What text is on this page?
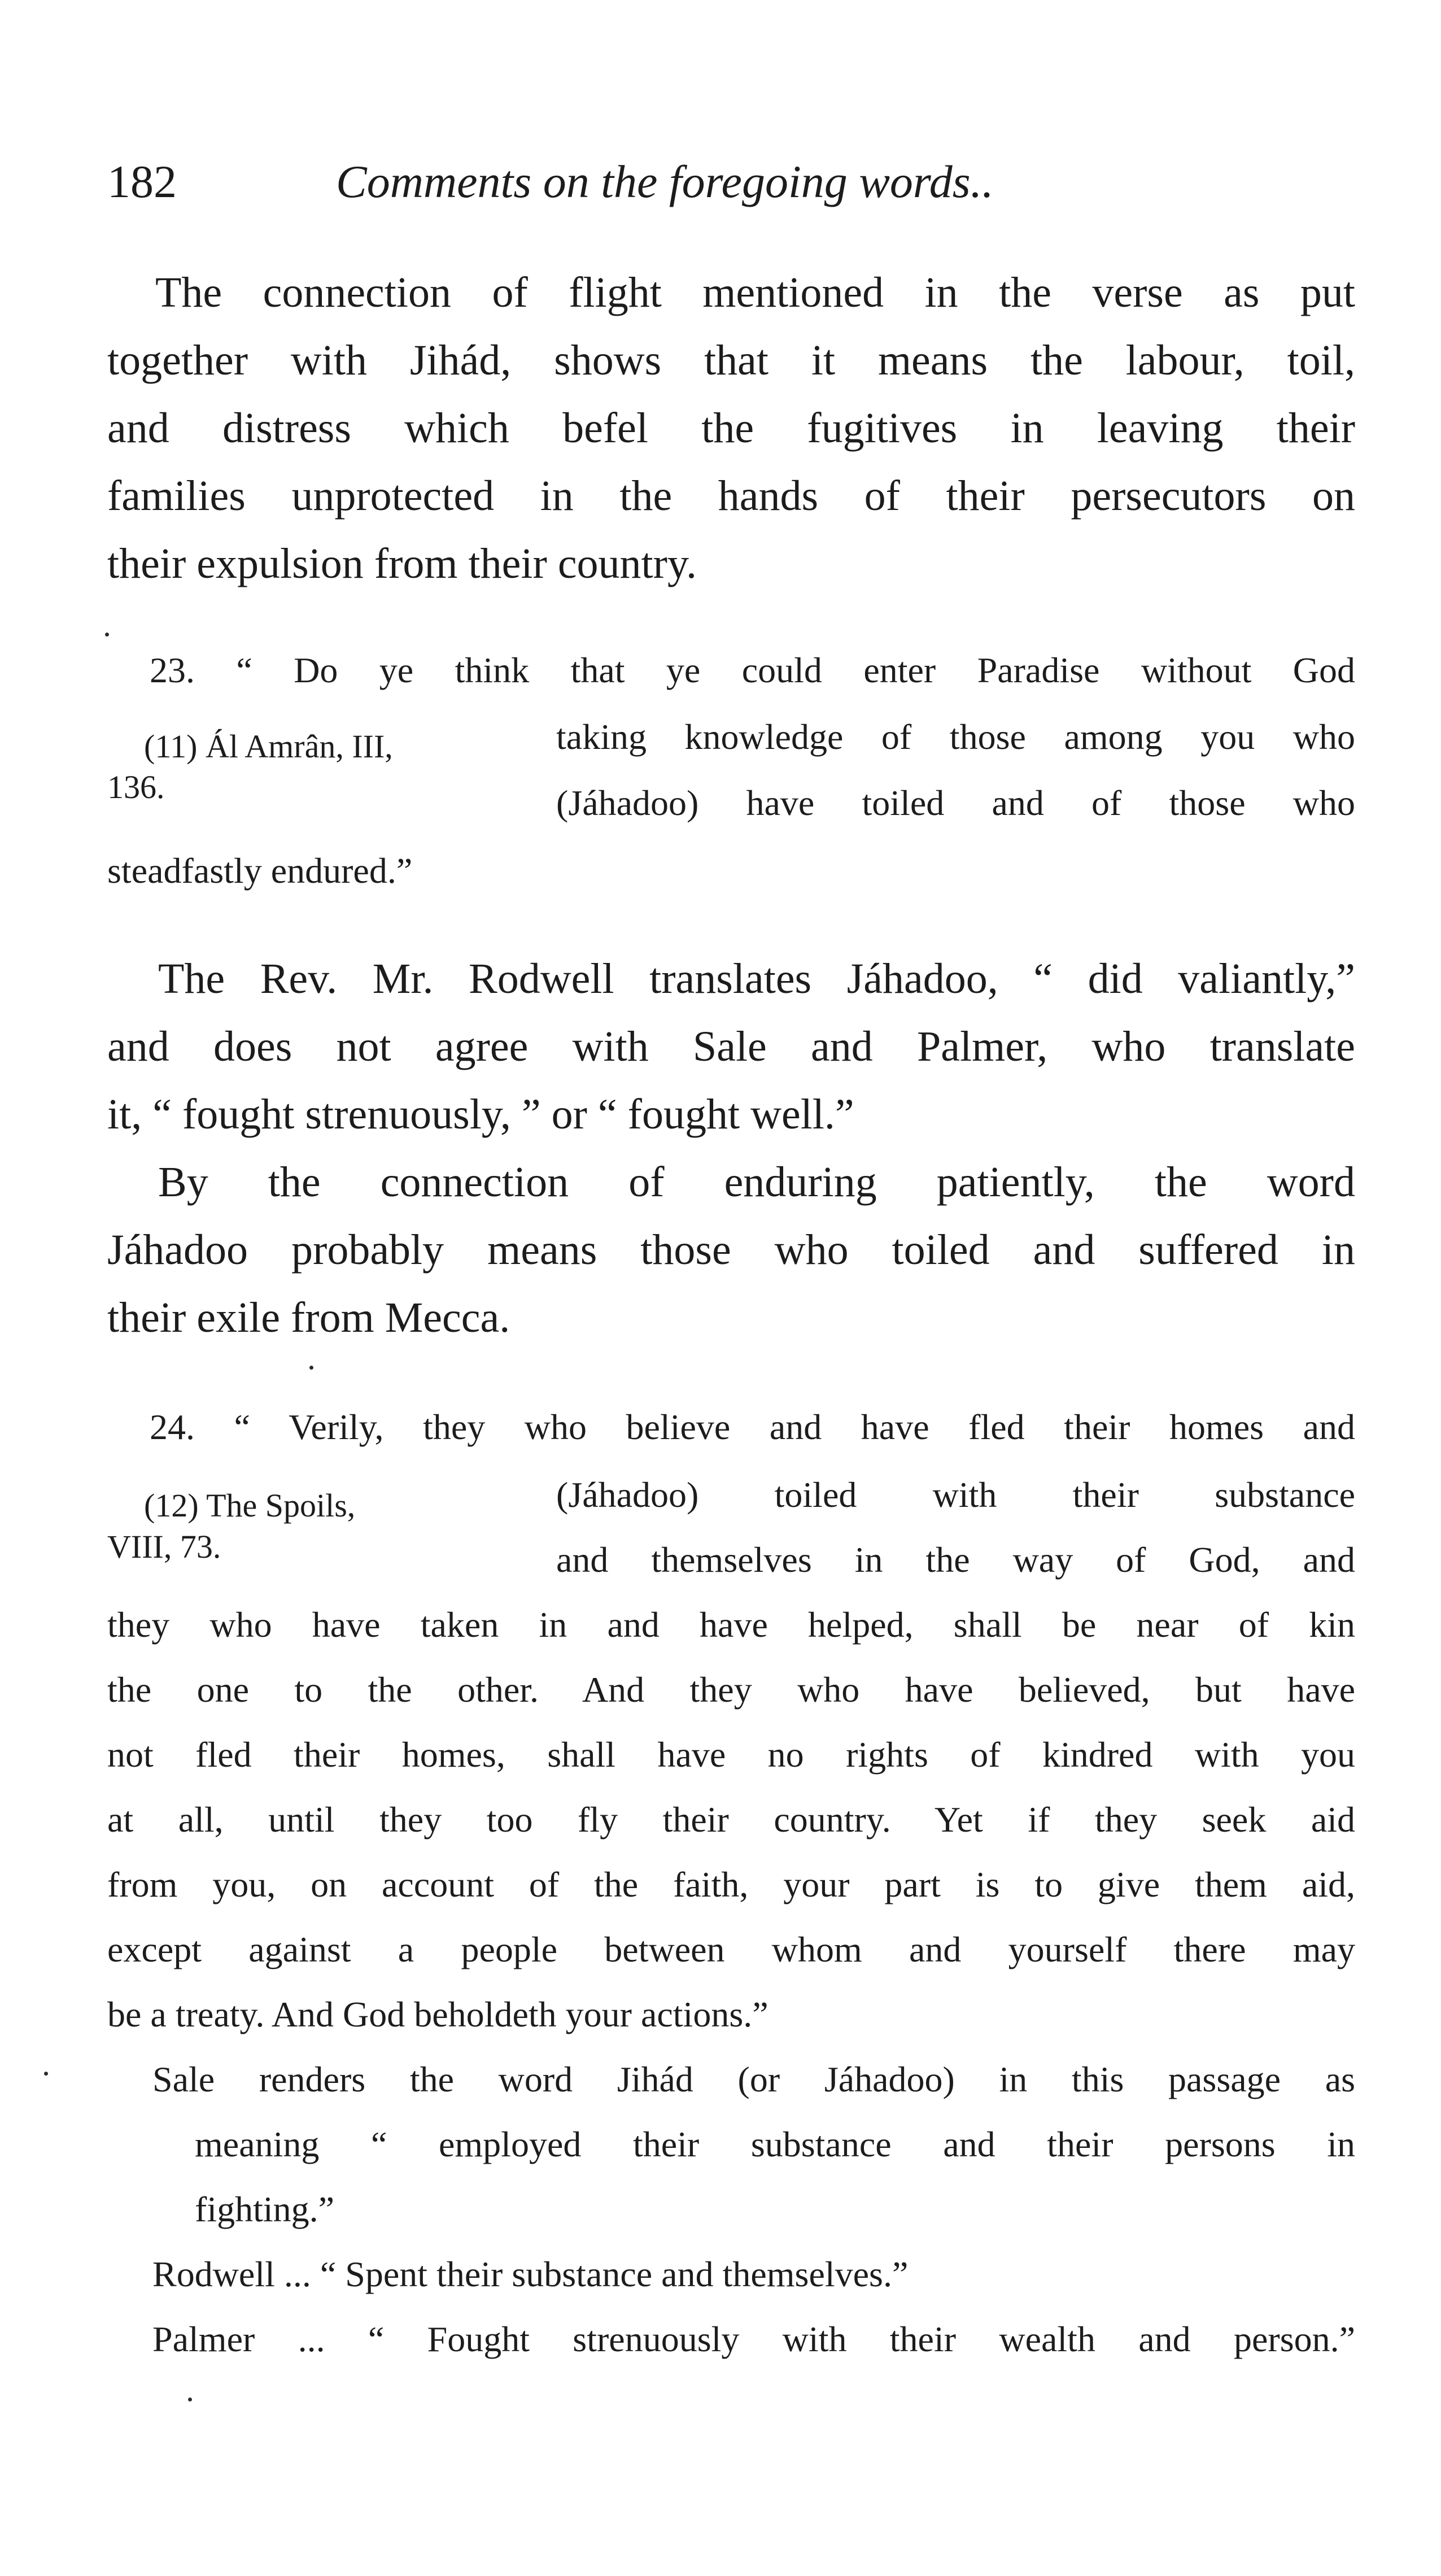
182	Comments on the foregoing words..
The connection of flight mentioned in the verse as put
together with Jihád, shows that it means the labour, toil,
and distress which befel the fugitives in leaving their
families unprotected in the hands of their persecutors on
their expulsion from their country.
23. “ Do ye think that ye could enter Paradise without God
(11) Ál Amrân, III,
136.
taking knowledge of those among you who
(Jáhadoo) have toiled and of those who
steadfastly endured.”
The Rev. Mr. Rodwell translates Jáhadoo, “ did valiantly,”
and does not agree with Sale and Palmer, who translate
it, “ fought strenuously, ” or “ fought well.”
By the connection of enduring patiently, the word
Jáhadoo probably means those who toiled and suffered in
their exile from Mecca.
24. “ Verily, they who believe and have fled their homes and
(12) The Spoils,
VIII, 73.
(Jáhadoo) toiled with their substance
and themselves in the way of God, and
they who have taken in and have helped, shall be near of kin
the one to the other. And they who have believed, but have
not fled their homes, shall have no rights of kindred with you
at all, until they too fly their country. Yet if they seek aid
from you, on account of the faith, your part is to give them aid,
except against a people between whom and yourself there may
be a treaty. And God beholdeth your actions.”
Sale renders the word Jihád (or Jáhadoo) in this passage as
meaning “ employed their substance and their persons in
fighting.”
Rodwell ... “ Spent their substance and themselves.”
Palmer ... “ Fought strenuously with their wealth and person.”
